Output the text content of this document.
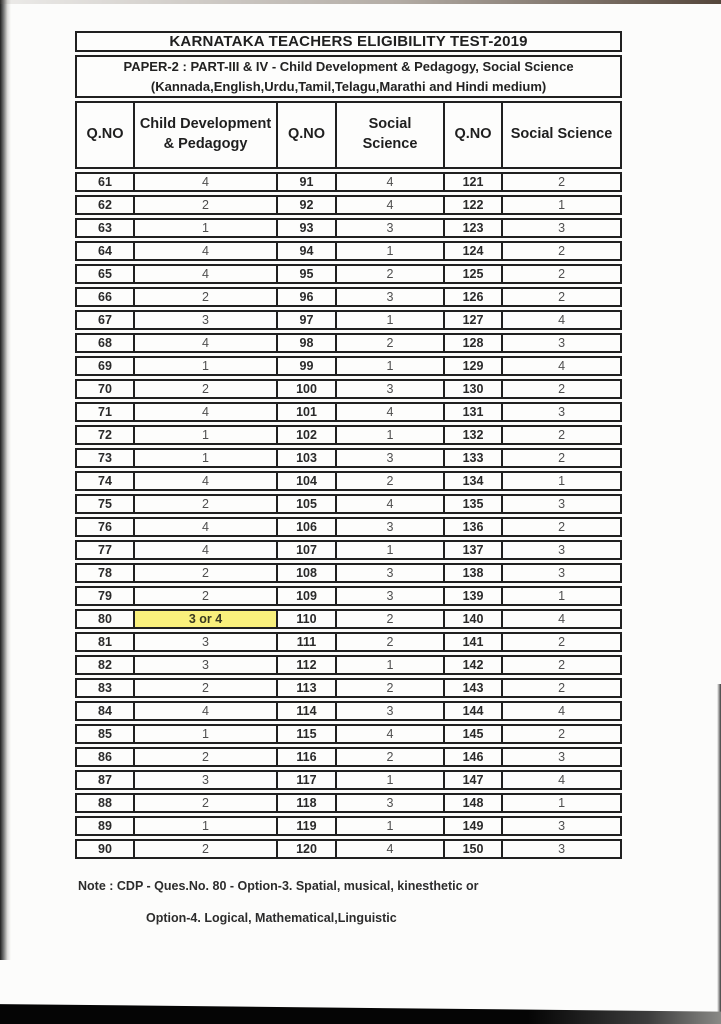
KARNATAKA TEACHERS ELIGIBILITY TEST-2019					

PAPER-2 : PART-III & IV - Child Development & Pedagogy, Social Science
(Kannada,English,Urdu,Tamil,Telagu,Marathi and Hindi medium)					

Q.NO	Child Development & Pedagogy	Q.NO	Social Science	Q.NO	Social Science
61	4	91	4	121	2
62	2	92	4	122	1
63	1	93	3	123	3
64	4	94	1	124	2
65	4	95	2	125	2
66	2	96	3	126	2
67	3	97	1	127	4
68	4	98	2	128	3
69	1	99	1	129	4
70	2	100	3	130	2
71	4	101	4	131	3
72	1	102	1	132	2
73	1	103	3	133	2
74	4	104	2	134	1
75	2	105	4	135	3
76	4	106	3	136	2
77	4	107	1	137	3
78	2	108	3	138	3
79	2	109	3	139	1
80	3 or 4	110	2	140	4
81	3	111	2	141	2
82	3	112	1	142	2
83	2	113	2	143	2
84	4	114	3	144	4
85	1	115	4	145	2
86	2	116	2	146	3
87	3	117	1	147	4
88	2	118	3	148	1
89	1	119	1	149	3
90	2	120	4	150	3
Note : CDP - Ques.No. 80 - Option-3. Spatial, musical, kinesthetic or
Option-4. Logical, Mathematical,Linguistic
